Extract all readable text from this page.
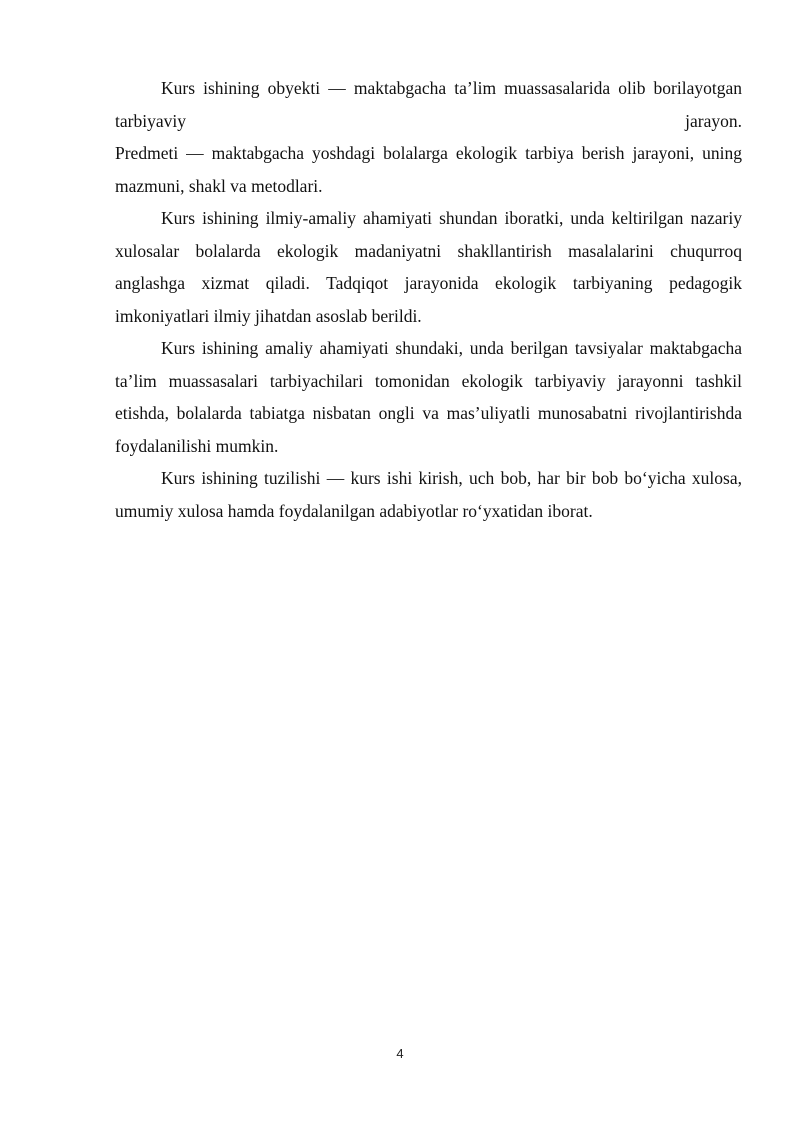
Kurs ishining obyekti — maktabgacha ta’lim muassasalarida olib borilayotgan tarbiyaviy jarayon.
Predmeti — maktabgacha yoshdagi bolalarga ekologik tarbiya berish jarayoni, uning mazmuni, shakl va metodlari.

Kurs ishining ilmiy-amaliy ahamiyati shundan iboratki, unda keltirilgan nazariy xulosalar bolalarda ekologik madaniyatni shakllantirish masalalarini chuqurroq anglashga xizmat qiladi. Tadqiqot jarayonida ekologik tarbiyaning pedagogik imkoniyatlari ilmiy jihatdan asoslab berildi.

Kurs ishining amaliy ahamiyati shundaki, unda berilgan tavsiyalar maktabgacha ta’lim muassasalari tarbiyachilari tomonidan ekologik tarbiyaviy jarayonni tashkil etishda, bolalarda tabiatga nisbatan ongli va mas’uliyatli munosabatni rivojlantirishda foydalanilishi mumkin.

Kurs ishining tuzilishi — kurs ishi kirish, uch bob, har bir bob bo‘yicha xulosa, umumiy xulosa hamda foydalanilgan adabiyotlar ro‘yxatidan iborat.

4
